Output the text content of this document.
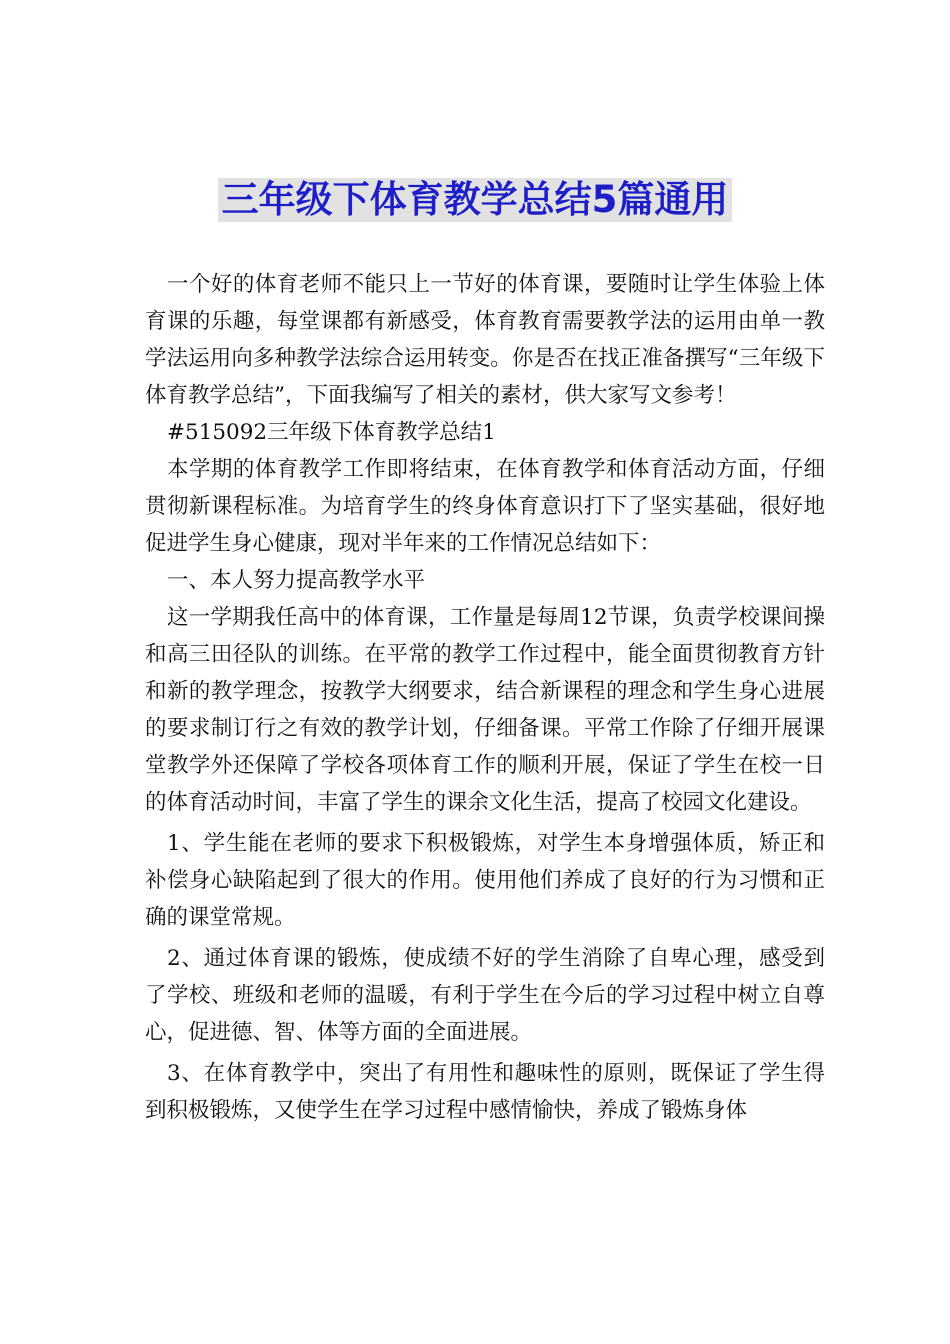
三年级下体育教学总结5篇通用

一个好的体育老师不能只上一节好的体育课，要随时让学生体验上体育课的乐趣，每堂课都有新感受，体育教育需要教学法的运用由单一教学法运用向多种教学法综合运用转变。你是否在找正准备撰写“三年级下体育教学总结”，下面我编写了相关的素材，供大家写文参考！

#515092三年级下体育教学总结1

本学期的体育教学工作即将结束，在体育教学和体育活动方面，仔细贯彻新课程标准。为培育学生的终身体育意识打下了坚实基础，很好地促进学生身心健康，现对半年来的工作情况总结如下：

一、本人努力提高教学水平

这一学期我任高中的体育课，工作量是每周12节课，负责学校课间操和高三田径队的训练。在平常的教学工作过程中，能全面贯彻教育方针和新的教学理念，按教学大纲要求，结合新课程的理念和学生身心进展的要求制订行之有效的教学计划，仔细备课。平常工作除了仔细开展课堂教学外还保障了学校各项体育工作的顺利开展，保证了学生在校一日的体育活动时间，丰富了学生的课余文化生活，提高了校园文化建设。

1、学生能在老师的要求下积极锻炼，对学生本身增强体质，矫正和补偿身心缺陷起到了很大的作用。使用他们养成了良好的行为习惯和正确的课堂常规。

2、通过体育课的锻炼，使成绩不好的学生消除了自卑心理，感受到了学校、班级和老师的温暖，有利于学生在今后的学习过程中树立自尊心，促进德、智、体等方面的全面进展。

3、在体育教学中，突出了有用性和趣味性的原则，既保证了学生得到积极锻炼，又使学生在学习过程中感情愉快，养成了锻炼身体
